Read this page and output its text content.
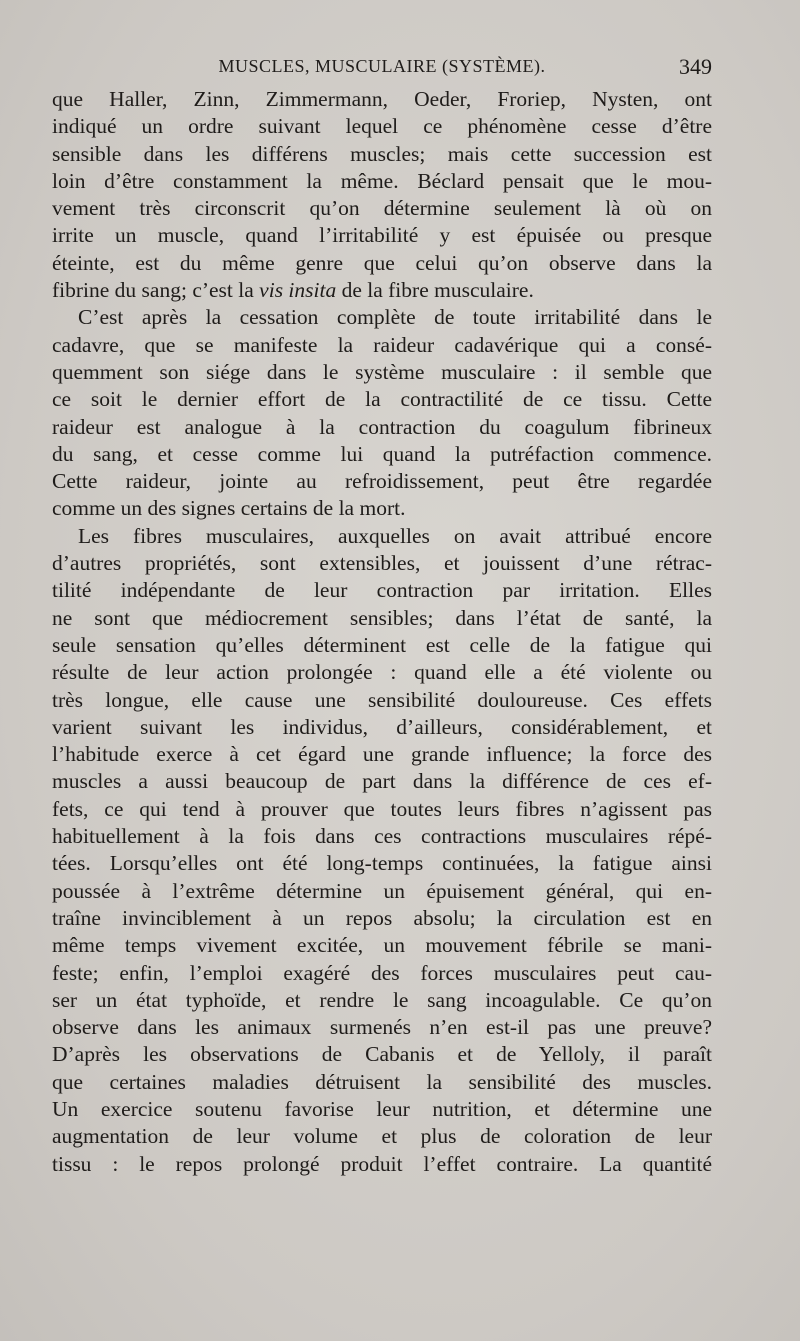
MUSCLES, MUSCULAIRE (SYSTÈME).	349
que Haller, Zinn, Zimmermann, Oeder, Froriep, Nysten, ont
indiqué un ordre suivant lequel ce phénomène cesse d’être
sensible dans les différens muscles; mais cette succession est
loin d’être constamment la même. Béclard pensait que le mou-
vement très circonscrit qu’on détermine seulement là où on
irrite un muscle, quand l’irritabilité y est épuisée ou presque
éteinte, est du même genre que celui qu’on observe dans la
fibrine du sang; c’est la vis insita de la fibre musculaire.
C’est après la cessation complète de toute irritabilité dans le
cadavre, que se manifeste la raideur cadavérique qui a consé-
quemment son siége dans le système musculaire : il semble que
ce soit le dernier effort de la contractilité de ce tissu. Cette
raideur est analogue à la contraction du coagulum fibrineux
du sang, et cesse comme lui quand la putréfaction commence.
Cette raideur, jointe au refroidissement, peut être regardée
comme un des signes certains de la mort.
Les fibres musculaires, auxquelles on avait attribué encore
d’autres propriétés, sont extensibles, et jouissent d’une rétrac-
tilité indépendante de leur contraction par irritation. Elles
ne sont que médiocrement sensibles; dans l’état de santé, la
seule sensation qu’elles déterminent est celle de la fatigue qui
résulte de leur action prolongée : quand elle a été violente ou
très longue, elle cause une sensibilité douloureuse. Ces effets
varient suivant les individus, d’ailleurs, considérablement, et
l’habitude exerce à cet égard une grande influence; la force des
muscles a aussi beaucoup de part dans la différence de ces ef-
fets, ce qui tend à prouver que toutes leurs fibres n’agissent pas
habituellement à la fois dans ces contractions musculaires répé-
tées. Lorsqu’elles ont été long-temps continuées, la fatigue ainsi
poussée à l’extrême détermine un épuisement général, qui en-
traîne invinciblement à un repos absolu; la circulation est en
même temps vivement excitée, un mouvement fébrile se mani-
feste; enfin, l’emploi exagéré des forces musculaires peut cau-
ser un état typhoïde, et rendre le sang incoagulable. Ce qu’on
observe dans les animaux surmenés n’en est-il pas une preuve?
D’après les observations de Cabanis et de Yelloly, il paraît
que certaines maladies détruisent la sensibilité des muscles.
Un exercice soutenu favorise leur nutrition, et détermine une
augmentation de leur volume et plus de coloration de leur
tissu : le repos prolongé produit l’effet contraire. La quantité
